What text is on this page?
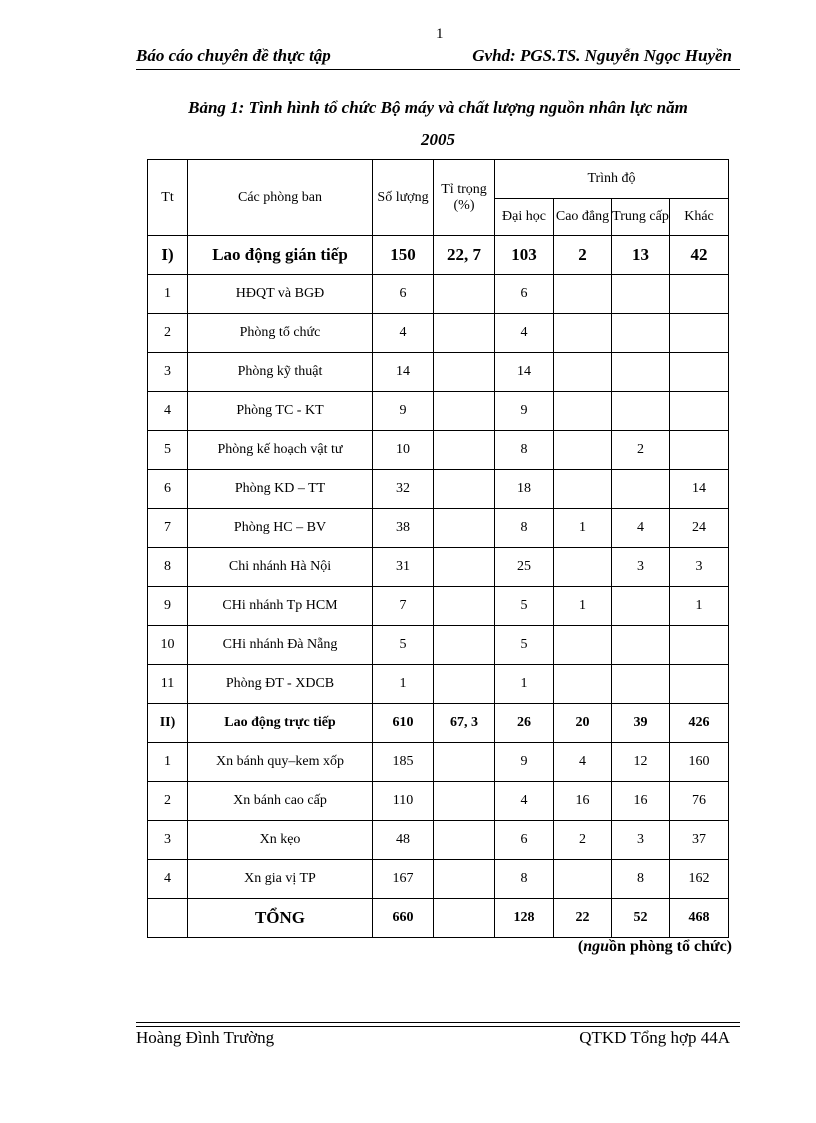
1
Báo cáo chuyên đề thực tập	Gvhd: PGS.TS. Nguyễn Ngọc Huyền
Bảng 1: Tình hình tổ chức Bộ máy và chất lượng nguồn nhân lực năm
2005
Tt	Các phòng ban	Số lượng	Tỉ trọng (%)	Trình độ			
				Đại học	Cao đẳng	Trung cấp	Khác
I)	Lao động gián tiếp	150	22, 7	103	2	13	42
1	HĐQT và BGĐ	6		6			
2	Phòng tổ chức	4		4			
3	Phòng kỹ thuật	14		14			
4	Phòng TC - KT	9		9			
5	Phòng kế hoạch vật tư	10		8		2	
6	Phòng KD – TT	32		18			14
7	Phòng HC – BV	38		8	1	4	24
8	Chi nhánh Hà Nội	31		25		3	3
9	CHi nhánh Tp HCM	7		5	1		1
10	CHi nhánh Đà Nẵng	5		5			
11	Phòng ĐT - XDCB	1		1			
II)	Lao động trực tiếp	610	67, 3	26	20	39	426
1	Xn bánh quy–kem xốp	185		9	4	12	160
2	Xn bánh cao cấp	110		4	16	16	76
3	Xn kẹo	48		6	2	3	37
4	Xn gia vị TP	167		8		8	162
	TỔNG	660		128	22	52	468
(nguồn phòng tổ chức)
Hoàng Đình Trường	QTKD Tổng hợp 44A
